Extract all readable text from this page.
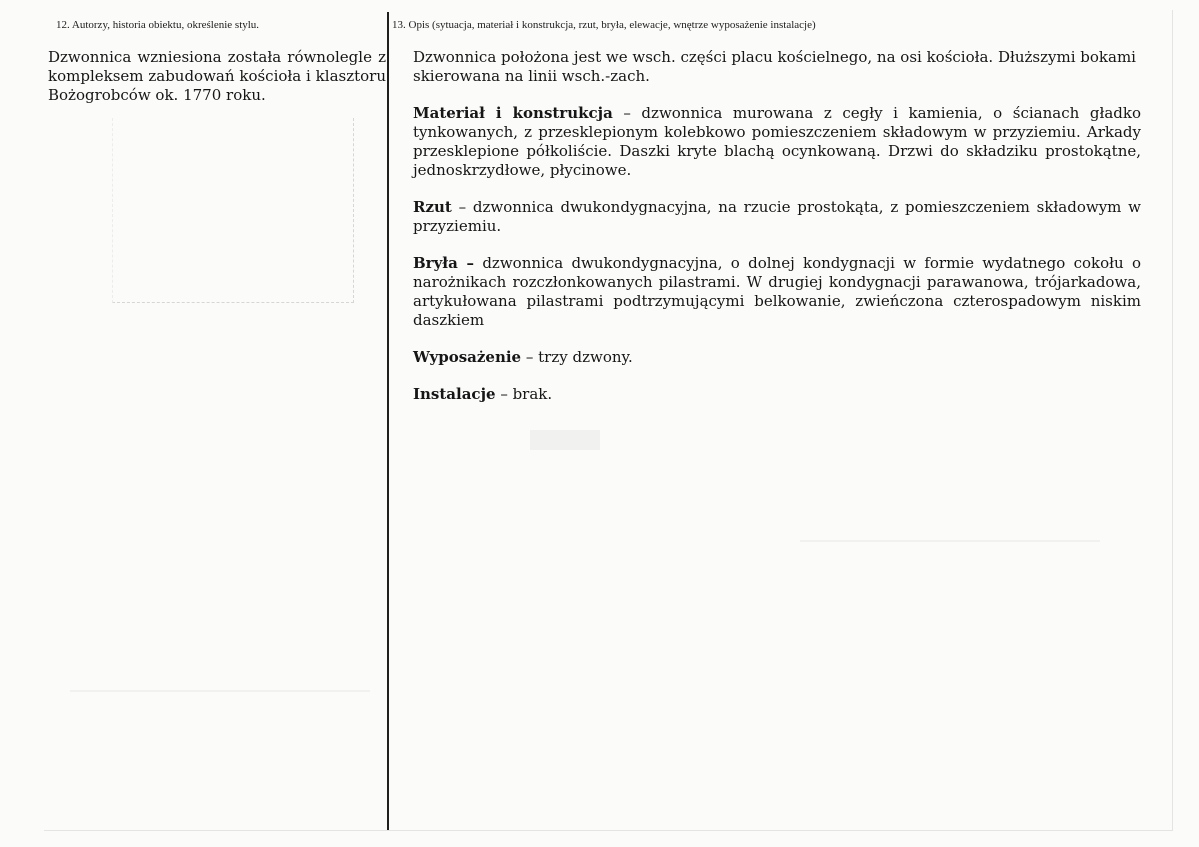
12. Autorzy, historia obiektu, określenie stylu.	13. Opis (sytuacja, materiał i konstrukcja, rzut, bryła, elewacje, wnętrze wyposażenie instalacje)
Dzwonnica wzniesiona została równolegle z kompleksem zabudowań kościoła i klasztoru Bożogrobców ok. 1770 roku.

Dzwonnica położona jest we wsch. części placu kościelnego, na osi kościoła. Dłuższymi bokami skierowana na linii wsch.-zach.

Materiał i konstrukcja – dzwonnica murowana z cegły i kamienia, o ścianach gładko tynkowanych, z przesklepionym kolebkowo pomieszczeniem składowym w przyziemiu. Arkady przesklepione półkoliście. Daszki kryte blachą ocynkowaną. Drzwi do składziku prostokątne, jednoskrzydłowe, płycinowe.

Rzut – dzwonnica dwukondygnacyjna, na rzucie prostokąta, z pomieszczeniem składowym w przyziemiu.

Bryła – dzwonnica dwukondygnacyjna, o dolnej kondygnacji w formie wydatnego cokołu o narożnikach rozczłonkowanych pilastrami. W drugiej kondygnacji parawanowa, trójarkadowa, artykułowana pilastrami podtrzymującymi belkowanie, zwieńczona czterospadowym niskim daszkiem

Wyposażenie – trzy dzwony.

Instalacje – brak.
